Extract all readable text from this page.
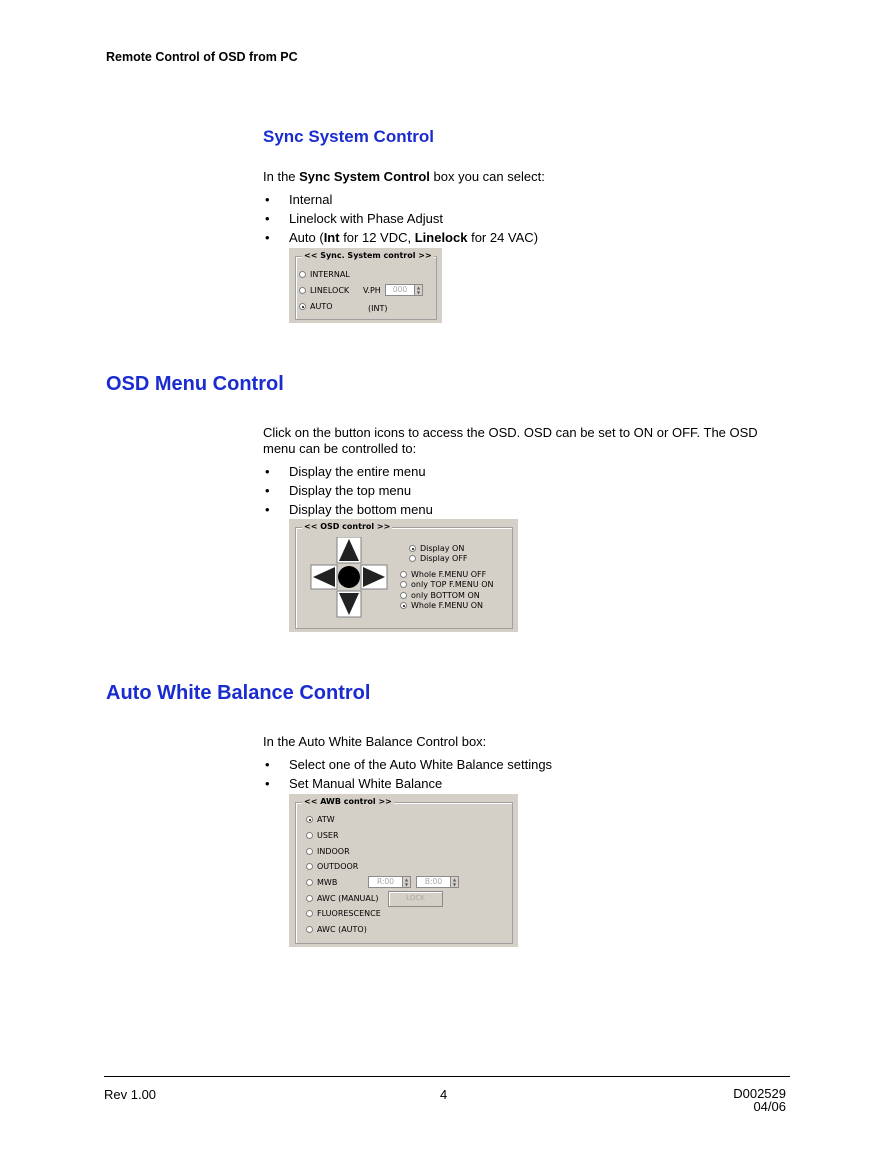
Remote Control of OSD from PC
Sync System Control
In the Sync System Control box you can select:
• Internal
• Linelock with Phase Adjust
• Auto (Int for 12 VDC, Linelock for 24 VAC)
<< Sync. System control >>
INTERNAL
LINELOCK
AUTO
V.PH	000	▲
▼
(INT)
OSD Menu Control
Click on the button icons to access the OSD. OSD can be set to ON or OFF. The OSD menu can be controlled to:
• Display the entire menu
• Display the top menu
• Display the bottom menu
<< OSD control >>
Display ON
Display OFF
Whole F.MENU OFF
only TOP F.MENU ON
only BOTTOM ON
Whole F.MENU ON
Auto White Balance Control
In the Auto White Balance Control box:
• Select one of the Auto White Balance settings
• Set Manual White Balance
<< AWB control >>
ATW
USER
INDOOR
OUTDOOR
MWB
AWC (MANUAL)
FLUORESCENCE
AWC (AUTO)
R:00	▲
▼	B:00	▲
▼
LOCK
Rev 1.00	4	D002529
04/06
